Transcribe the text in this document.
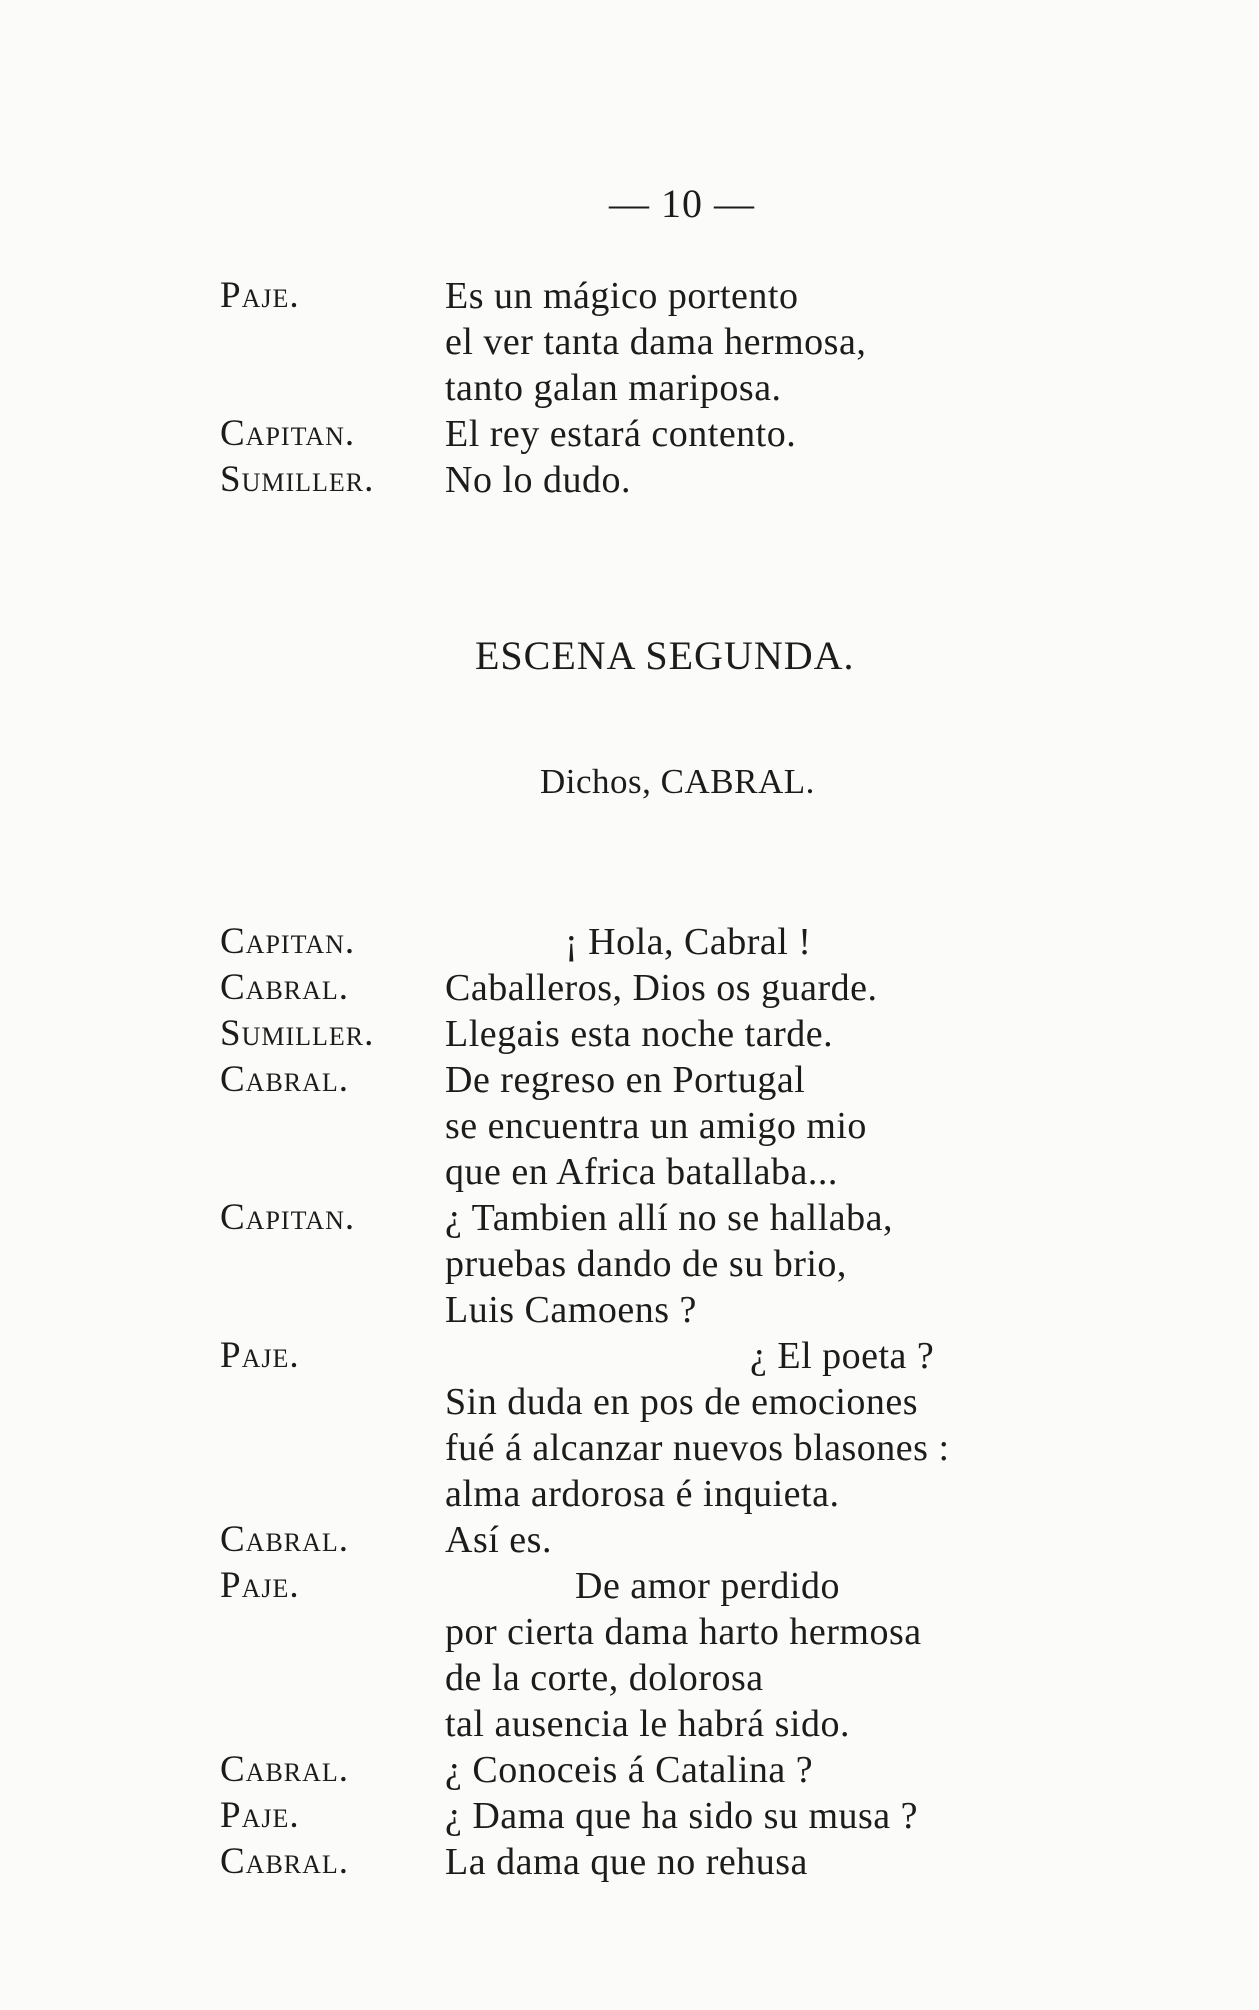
— 10 —
Paje.	Es un mágico portento
el ver tanta dama hermosa,
tanto galan mariposa.
Capitan. El rey estará contento.
Sumiller. No lo dudo.
ESCENA SEGUNDA.
Dichos, CABRAL.
Capitan.	¡ Hola, Cabral !
Cabral.	Caballeros, Dios os guarde.
Sumiller. Llegais esta noche tarde.
Cabral.	De regreso en Portugal
se encuentra un amigo mio
que en Africa batallaba...
Capitan. ¿ Tambien allí no se hallaba,
pruebas dando de su brio,
Luis Camoens ?
Paje.	¿ El poeta ?
Sin duda en pos de emociones
fué á alcanzar nuevos blasones :
alma ardorosa é inquieta.
Cabral.	Así es.
Paje.	De amor perdido
por cierta dama harto hermosa
de la corte, dolorosa
tal ausencia le habrá sido.
Cabral.	¿ Conoceis á Catalina ?
Paje.	¿ Dama que ha sido su musa ?
Cabral.	La dama que no rehusa
